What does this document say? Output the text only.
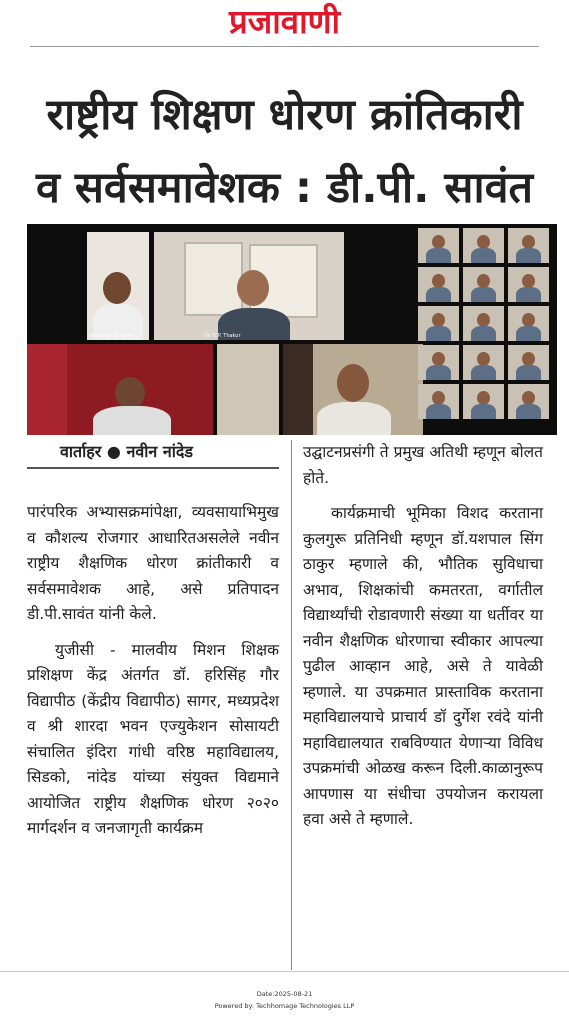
प्रजावाणी
राष्ट्रीय शिक्षण धोरण क्रांतिकारी
व सर्वसमावेशक : डी.पी. सावंत
Shrisakal Sangwe	Dr. Y. P. Thakur
वार्ताहर ● नवीन नांदेड

पारंपरिक अभ्यासक्रमांपेक्षा, व्यवसायाभिमुख व कौशल्य रोजगार आधारितअसलेले नवीन राष्ट्रीय शैक्षणिक धोरण क्रांतीकारी व सर्वसमावेशक आहे, असे प्रतिपादन डी.पी.सावंत यांनी केले.

युजीसी - मालवीय मिशन शिक्षक प्रशिक्षण केंद्र अंतर्गत डॉ. हरिसिंह गौर विद्यापीठ (केंद्रीय विद्यापीठ) सागर, मध्यप्रदेश व श्री शारदा भवन एज्युकेशन सोसायटी संचालित इंदिरा गांधी वरिष्ठ महाविद्यालय, सिडको, नांदेड यांच्या संयुक्त विद्यमाने आयोजित राष्ट्रीय शैक्षणिक धोरण २०२० मार्गदर्शन व जनजागृती कार्यक्रम

उद्घाटनप्रसंगी ते प्रमुख अतिथी म्हणून बोलत होते.

कार्यक्रमाची भूमिका विशद करताना कुलगुरू प्रतिनिधी म्हणून डॉ.यशपाल सिंग ठाकुर म्हणाले की, भौतिक सुविधाचा अभाव, शिक्षकांची कमतरता, वर्गातील विद्यार्थ्यांची रोडावणारी संख्या या धर्तीवर या नवीन शैक्षणिक धोरणाचा स्वीकार आपल्या पुढील आव्हान आहे, असे ते यावेळी म्हणाले. या उपक्रमात प्रास्ताविक करताना महाविद्यालयाचे प्राचार्य डॉ दुर्गेश रवंदे यांनी महाविद्यालयात राबविण्यात येणाऱ्या विविध उपक्रमांची ओळख करून दिली.काळानुरूप आपणास या संधीचा उपयोजन करायला हवा असे ते म्हणाले.

Date:2025-08-21
Powered by: Techhomage Technologies LLP
